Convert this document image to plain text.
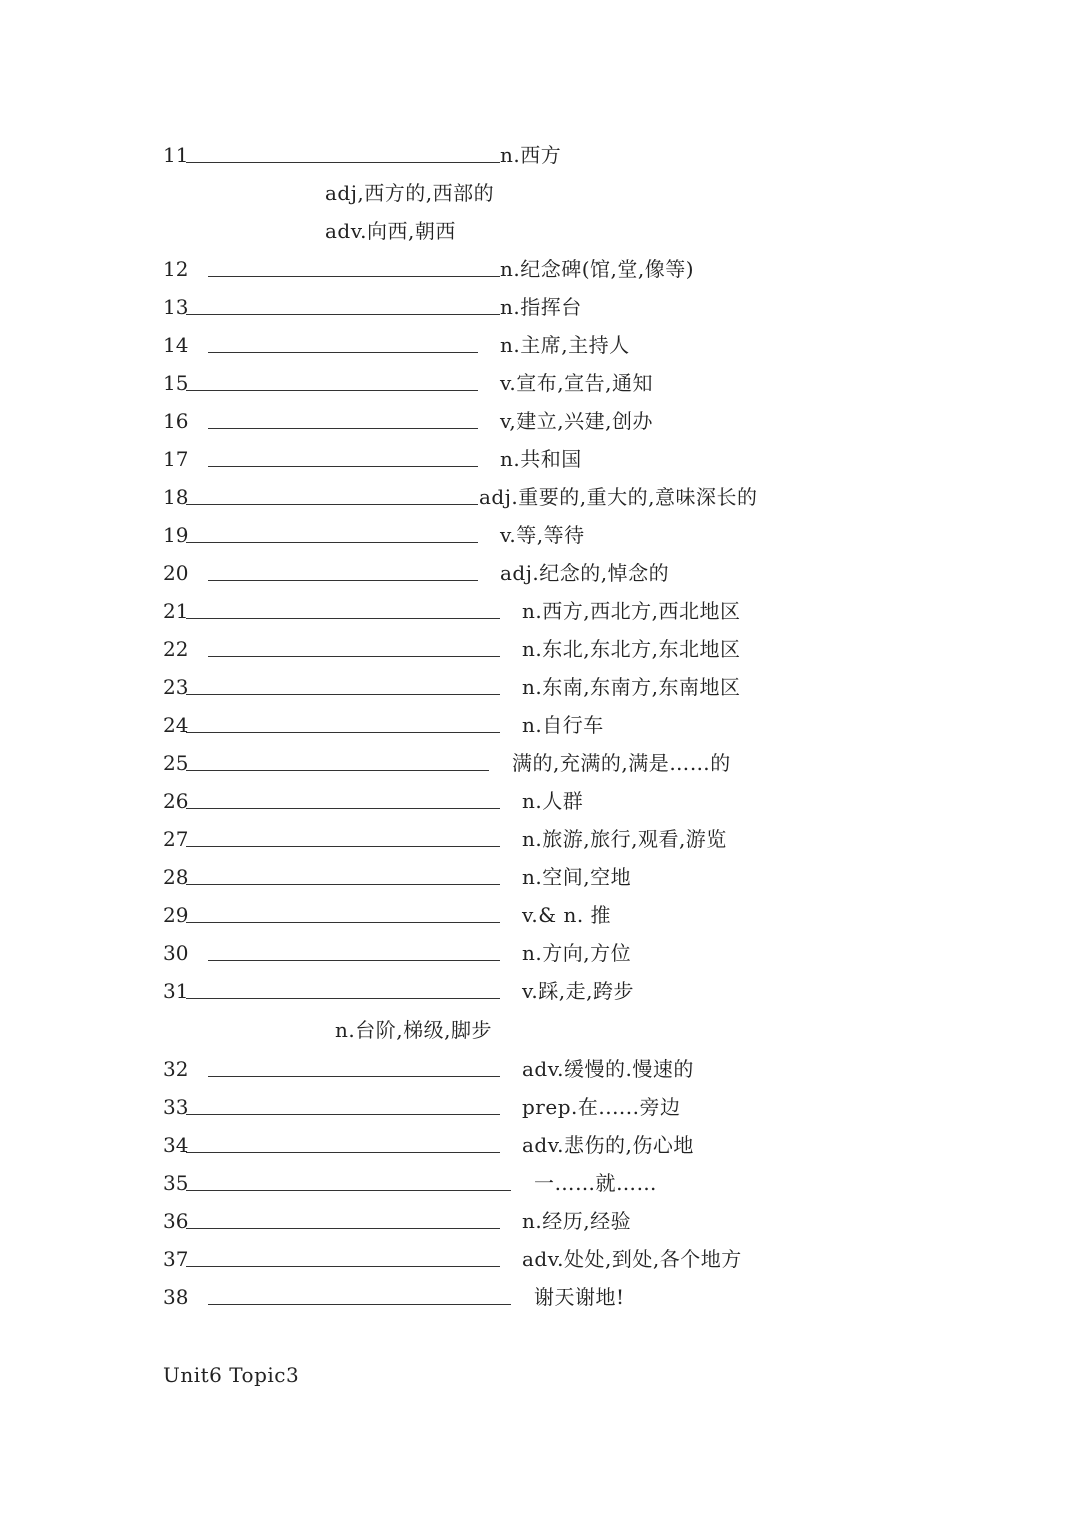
11	n.西方
adj,西方的,西部的
adv.向西,朝西
12	n.纪念碑(馆,堂,像等)
13	n.指挥台
14	n.主席,主持人
15	v.宣布,宣告,通知
16	v,建立,兴建,创办
17	n.共和国
18	adj.重要的,重大的,意味深长的
19	v.等,等待
20	adj.纪念的,悼念的
21	n.西方,西北方,西北地区
22	n.东北,东北方,东北地区
23	n.东南,东南方,东南地区
24	n.自行车
25	满的,充满的,满是……的
26	n.人群
27	n.旅游,旅行,观看,游览
28	n.空间,空地
29	v.& n. 推
30	n.方向,方位
31	v.踩,走,跨步
n.台阶,梯级,脚步
32	adv.缓慢的.慢速的
33	prep.在......旁边
34	adv.悲伤的,伤心地
35	一……就……
36	n.经历,经验
37	adv.处处,到处,各个地方
38	谢天谢地!
Unit6 Topic3
